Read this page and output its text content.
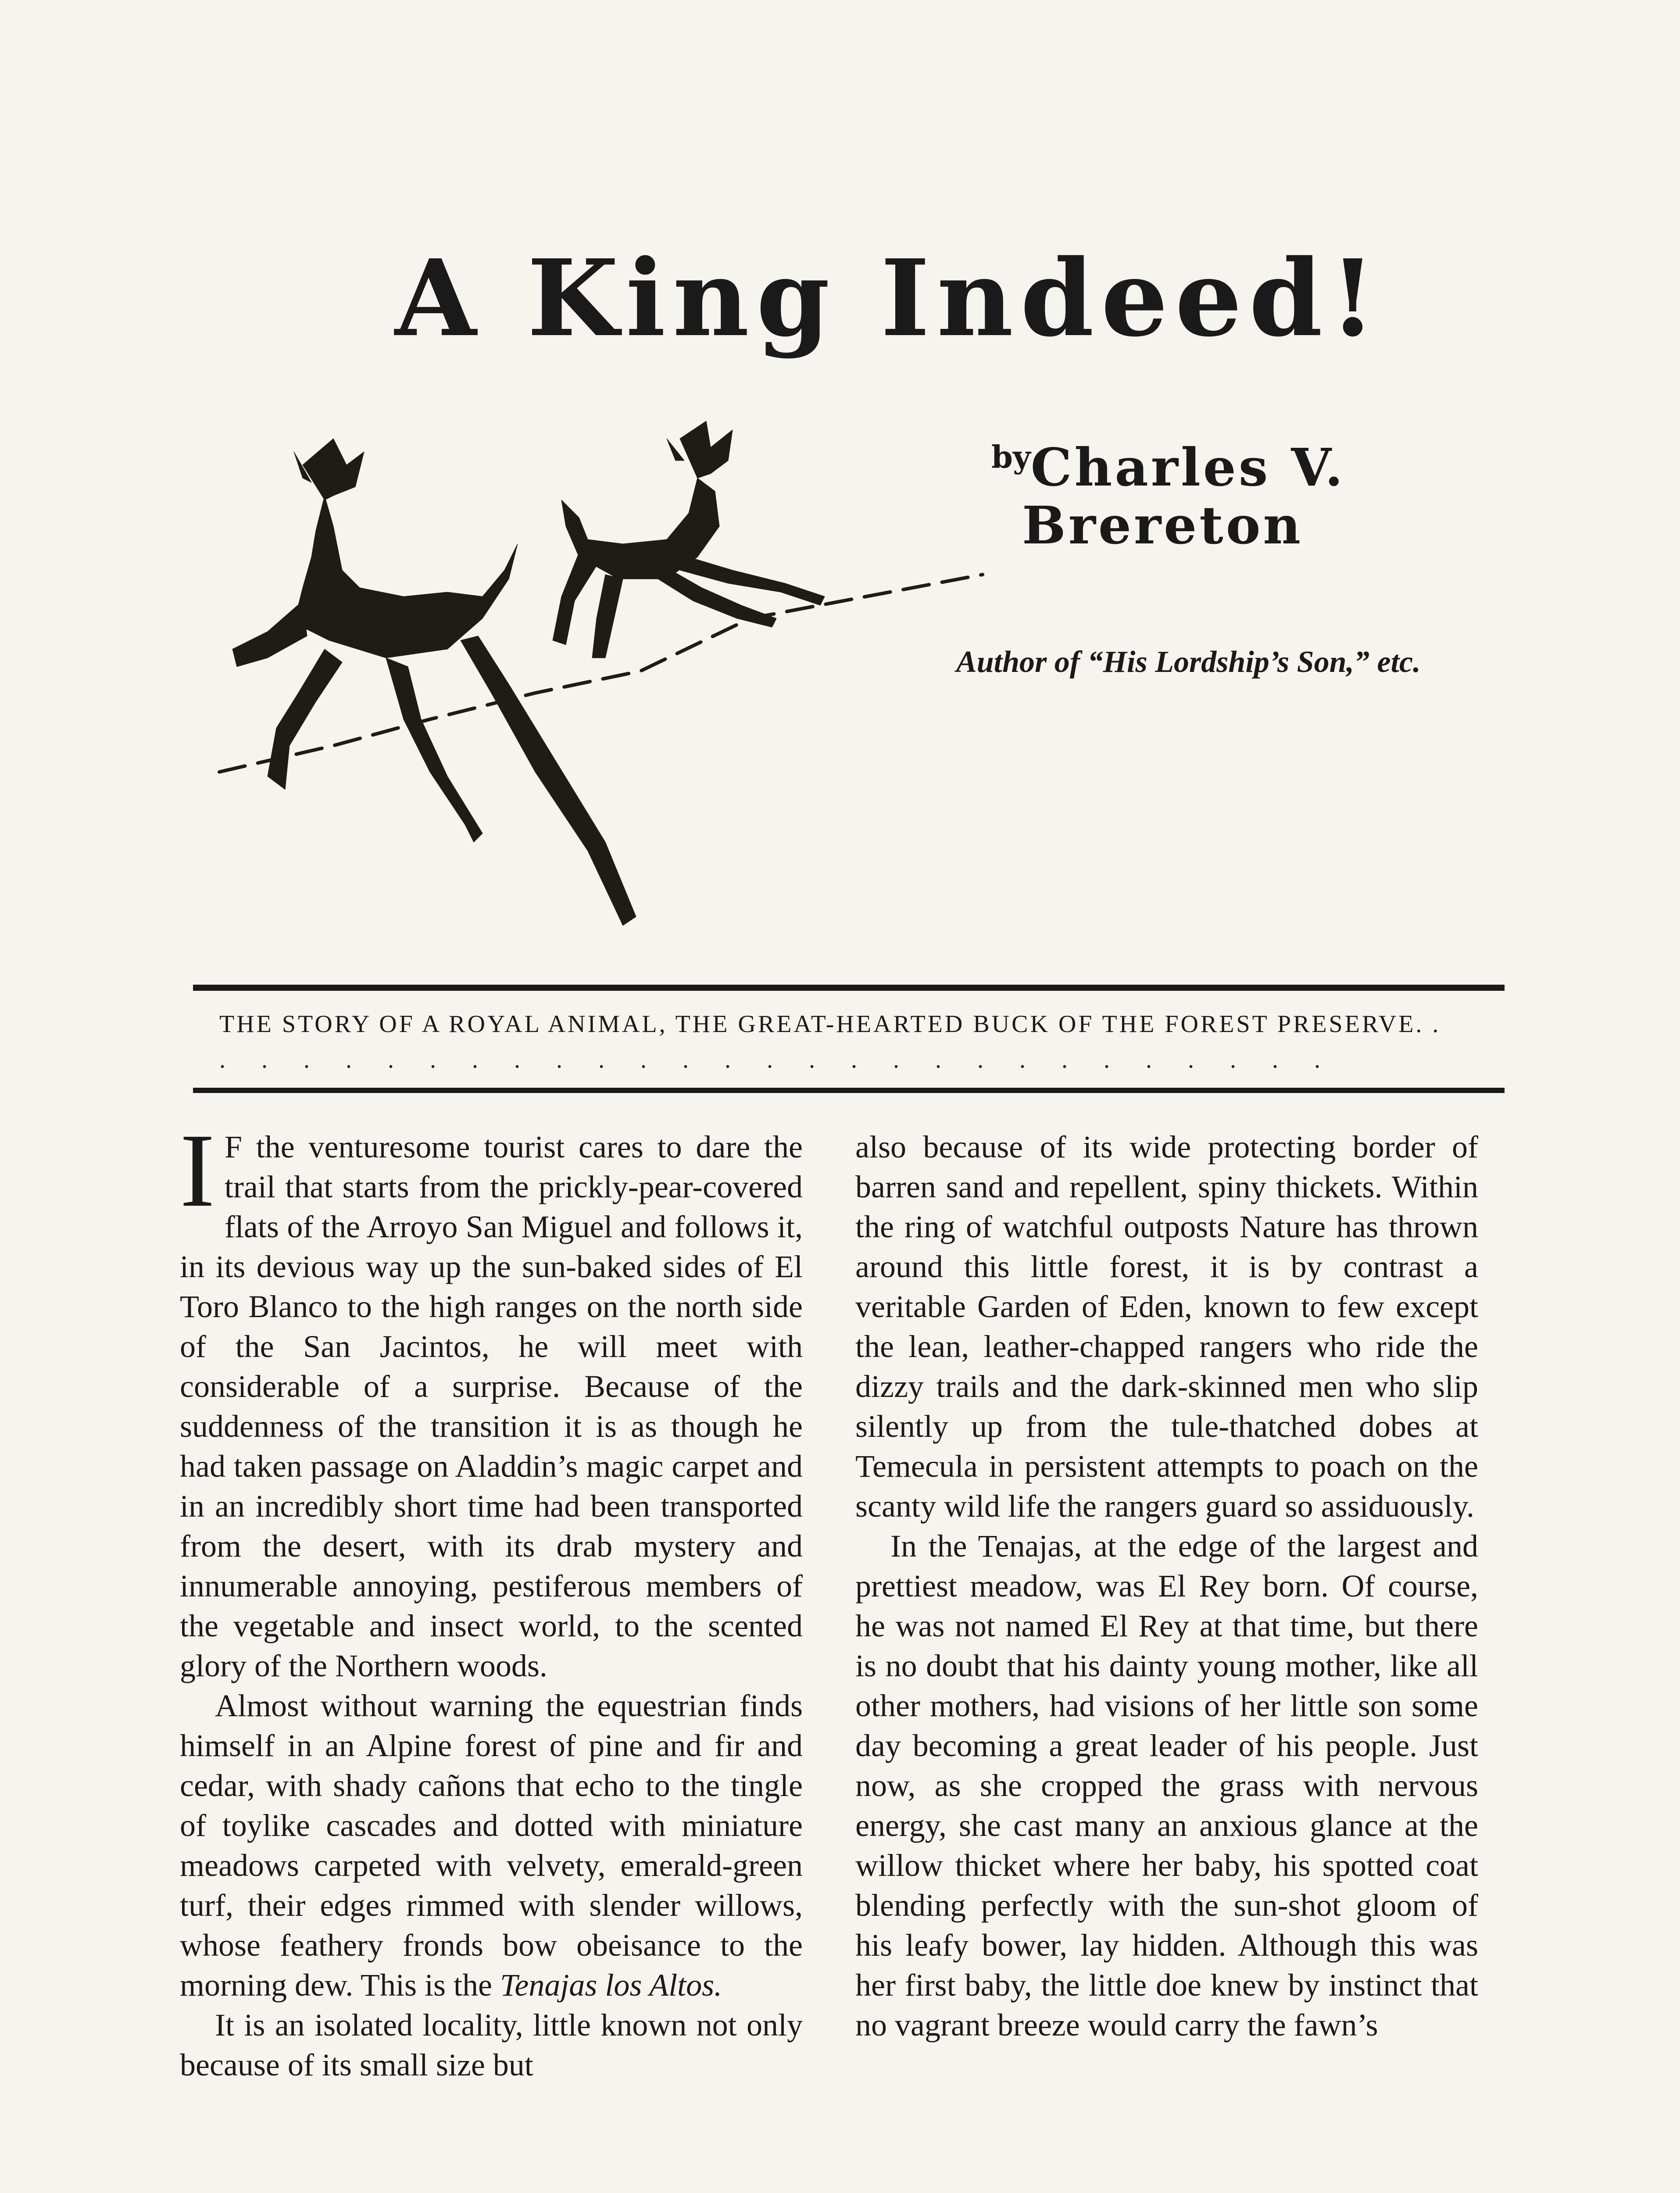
A King Indeed!
$^{by}$Charles V.
Brereton
Author of “His Lordship’s Son,” etc.
THE STORY OF A ROYAL ANIMAL, THE GREAT-HEARTED BUCK OF THE FOREST PRESERVE. . . . . . . . . . . . . . . . . . . . . . . . . . . . .

I F the venturesome tourist cares to dare the trail that starts from the prickly-pear-covered flats of the Arroyo San Miguel and follows it, in its devious way up the sun-baked sides of El Toro Blanco to the high ranges on the north side of the San Jacintos, he will meet with considerable of a surprise. Because of the suddenness of the transition it is as though he had taken passage on Aladdin’s magic carpet and in an incredibly short time had been transported from the desert, with its drab mystery and innumerable annoying, pestiferous members of the vegetable and insect world, to the scented glory of the Northern woods.

Almost without warning the equestrian finds himself in an Alpine forest of pine and fir and cedar, with shady cañons that echo to the tingle of toylike cascades and dotted with miniature meadows carpeted with velvety, emerald-green turf, their edges rimmed with slender willows, whose feathery fronds bow obeisance to the morning dew. This is the Tenajas los Altos.

It is an isolated locality, little known not only because of its small size but

also because of its wide protecting border of barren sand and repellent, spiny thickets. Within the ring of watchful outposts Nature has thrown around this little forest, it is by contrast a veritable Garden of Eden, known to few except the lean, leather-chapped rangers who ride the dizzy trails and the dark-skinned men who slip silently up from the tule-thatched dobes at Temecula in persistent attempts to poach on the scanty wild life the rangers guard so assiduously.

In the Tenajas, at the edge of the largest and prettiest meadow, was El Rey born. Of course, he was not named El Rey at that time, but there is no doubt that his dainty young mother, like all other mothers, had visions of her little son some day becoming a great leader of his people. Just now, as she cropped the grass with nervous energy, she cast many an anxious glance at the willow thicket where her baby, his spotted coat blending perfectly with the sun-shot gloom of his leafy bower, lay hidden. Although this was her first baby, the little doe knew by instinct that no vagrant breeze would carry the fawn’s
